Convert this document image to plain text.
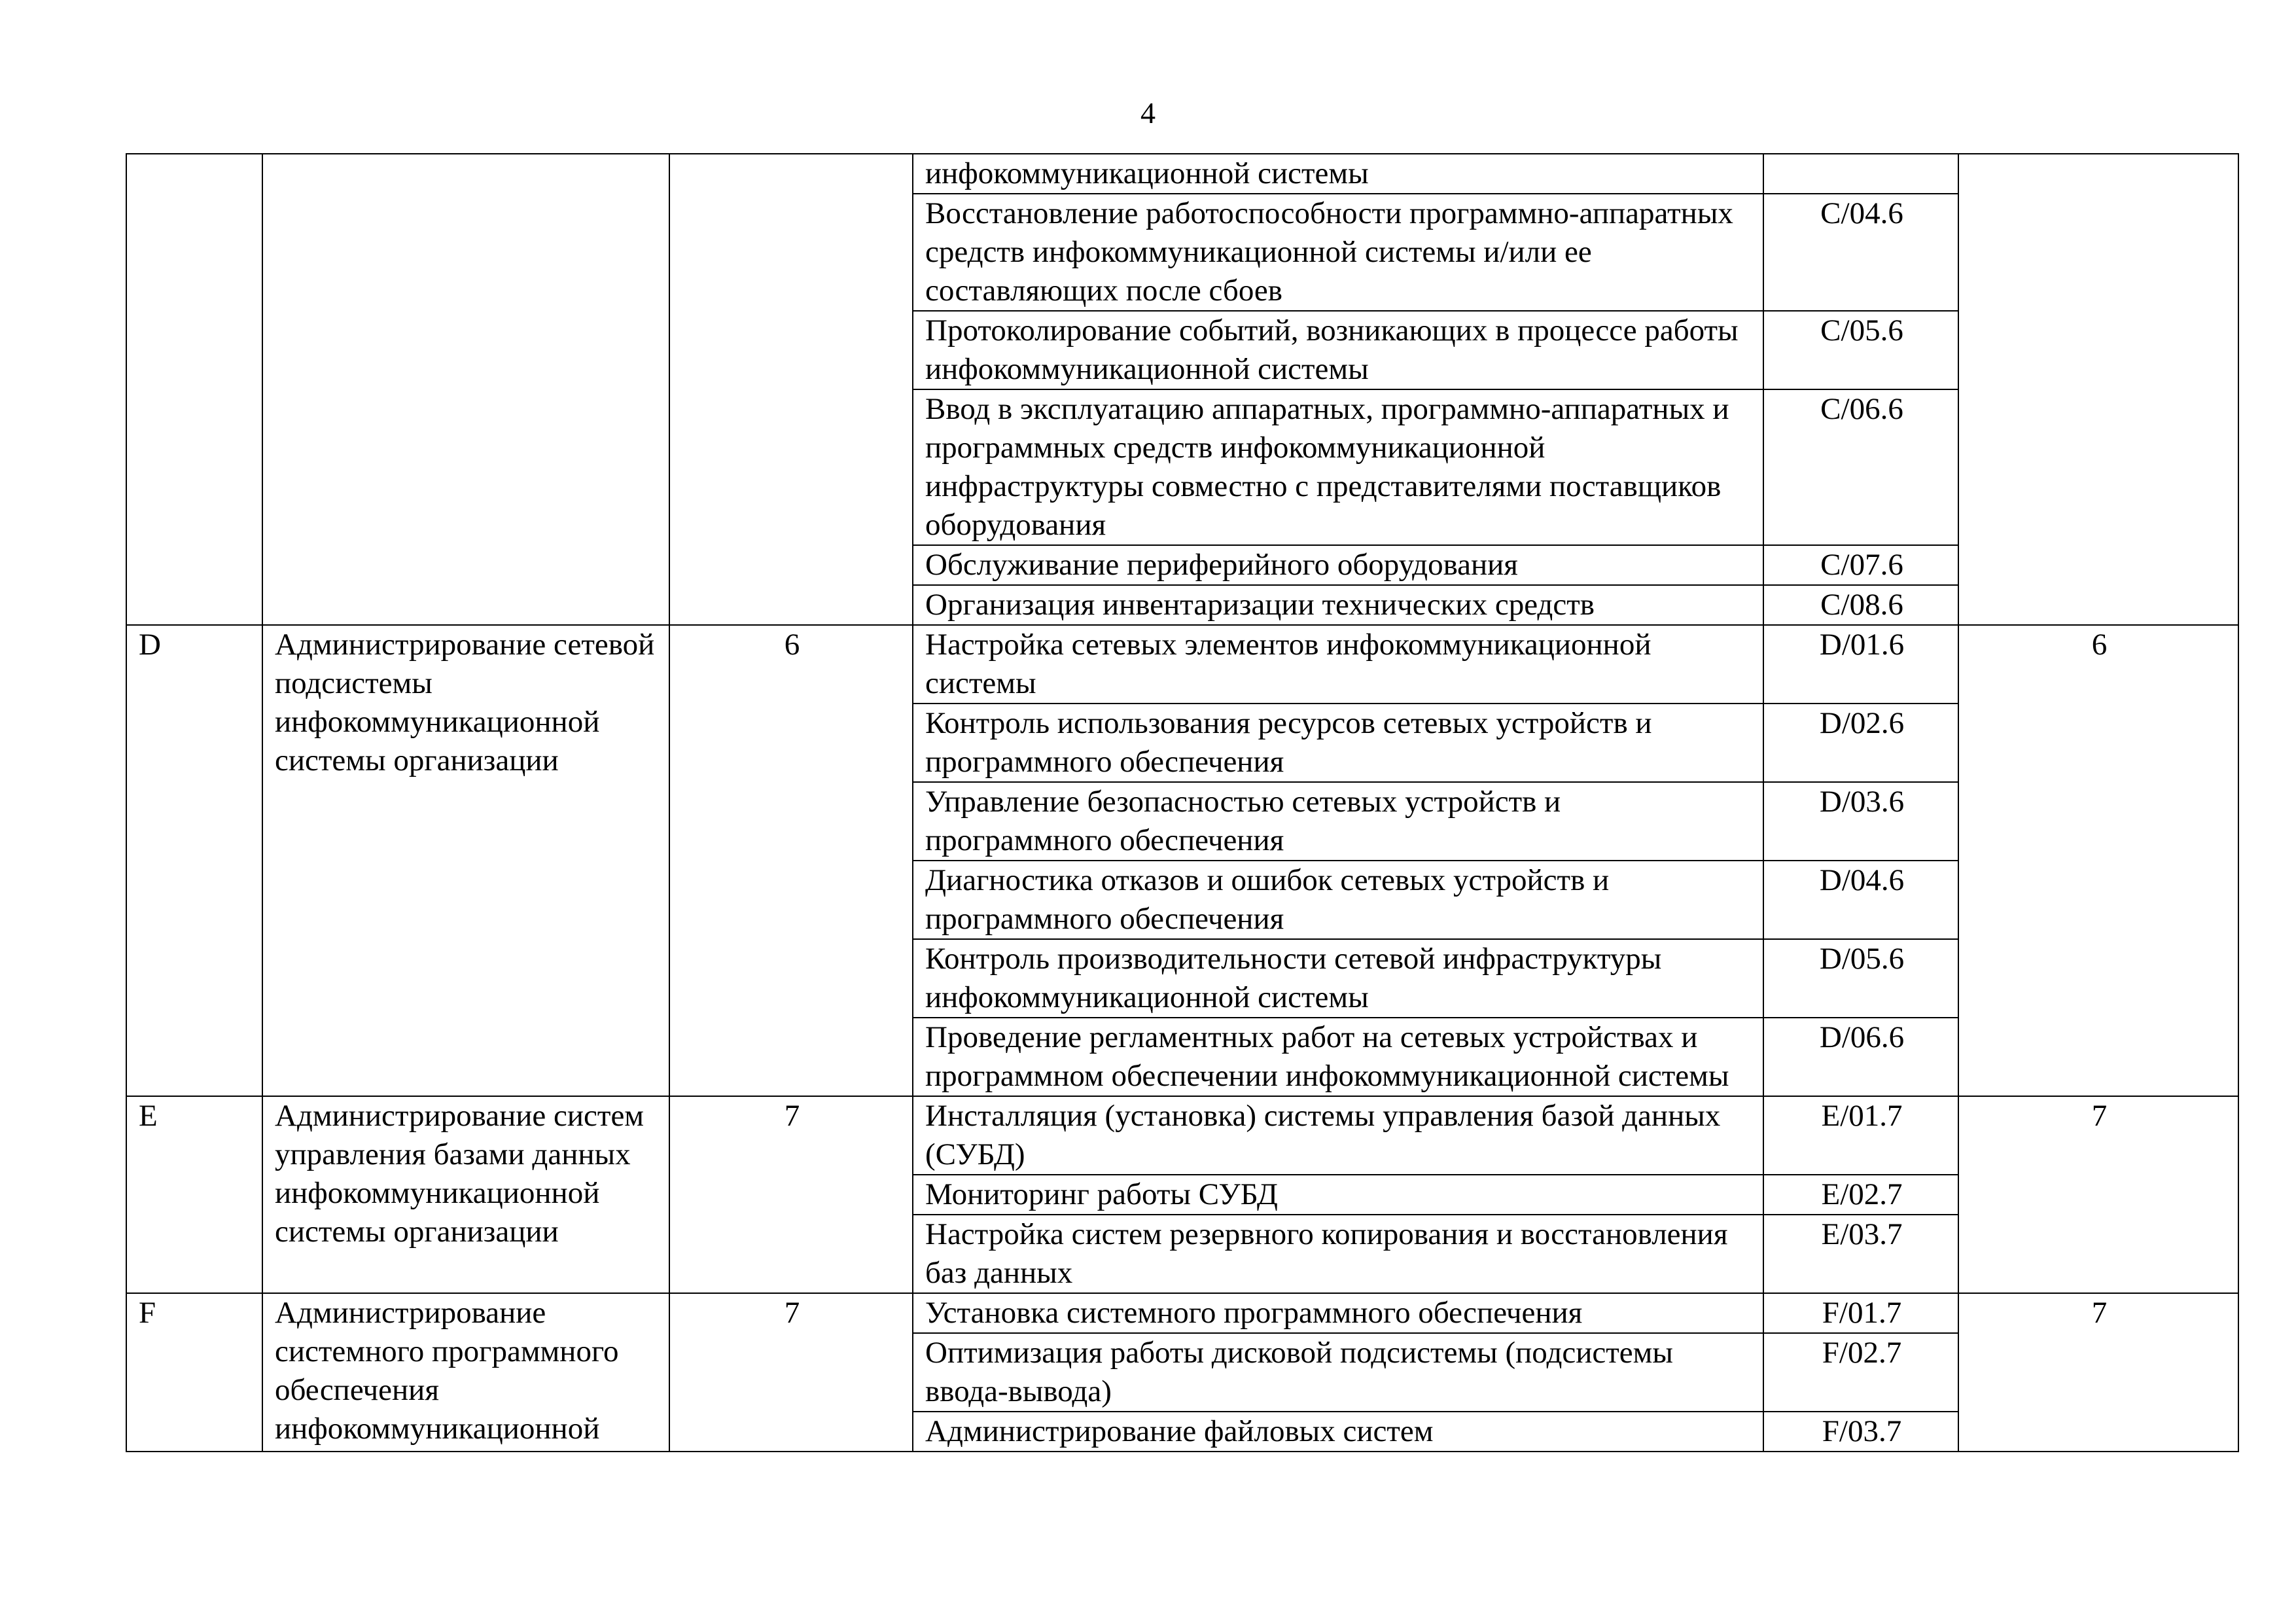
4
			инфокоммуникационной системы		
			Восстановление работоспособности программно-аппаратных средств инфокоммуникационной системы и/или ее составляющих после сбоев	C/04.6	
			Протоколирование событий, возникающих в процессе работы инфокоммуникационной системы	C/05.6	
			Ввод в эксплуатацию аппаратных, программно-аппаратных и программных средств инфокоммуникационной инфраструктуры совместно с представителями поставщиков оборудования	C/06.6	
			Обслуживание периферийного оборудования	C/07.6	
			Организация инвентаризации технических средств	C/08.6	
D	Администрирование сетевой подсистемы инфокоммуникационной системы организации	6	Настройка сетевых элементов инфокоммуникационной системы	D/01.6	6
			Контроль использования ресурсов сетевых устройств и программного обеспечения	D/02.6	
			Управление безопасностью сетевых устройств и программного обеспечения	D/03.6	
			Диагностика отказов и ошибок сетевых устройств и программного обеспечения	D/04.6	
			Контроль производительности сетевой инфраструктуры инфокоммуникационной системы	D/05.6	
			Проведение регламентных работ на сетевых устройствах и программном обеспечении инфокоммуникационной системы	D/06.6	
E	Администрирование систем управления базами данных инфокоммуникационной системы организации	7	Инсталляция (установка) системы управления базой данных (СУБД)	E/01.7	7
			Мониторинг работы СУБД	E/02.7	
			Настройка систем резервного копирования и восстановления баз данных	E/03.7	
F	Администрирование системного программного обеспечения инфокоммуникационной	7	Установка системного программного обеспечения	F/01.7	7
			Оптимизация работы дисковой подсистемы (подсистемы ввода-вывода)	F/02.7	
			Администрирование файловых систем	F/03.7	
